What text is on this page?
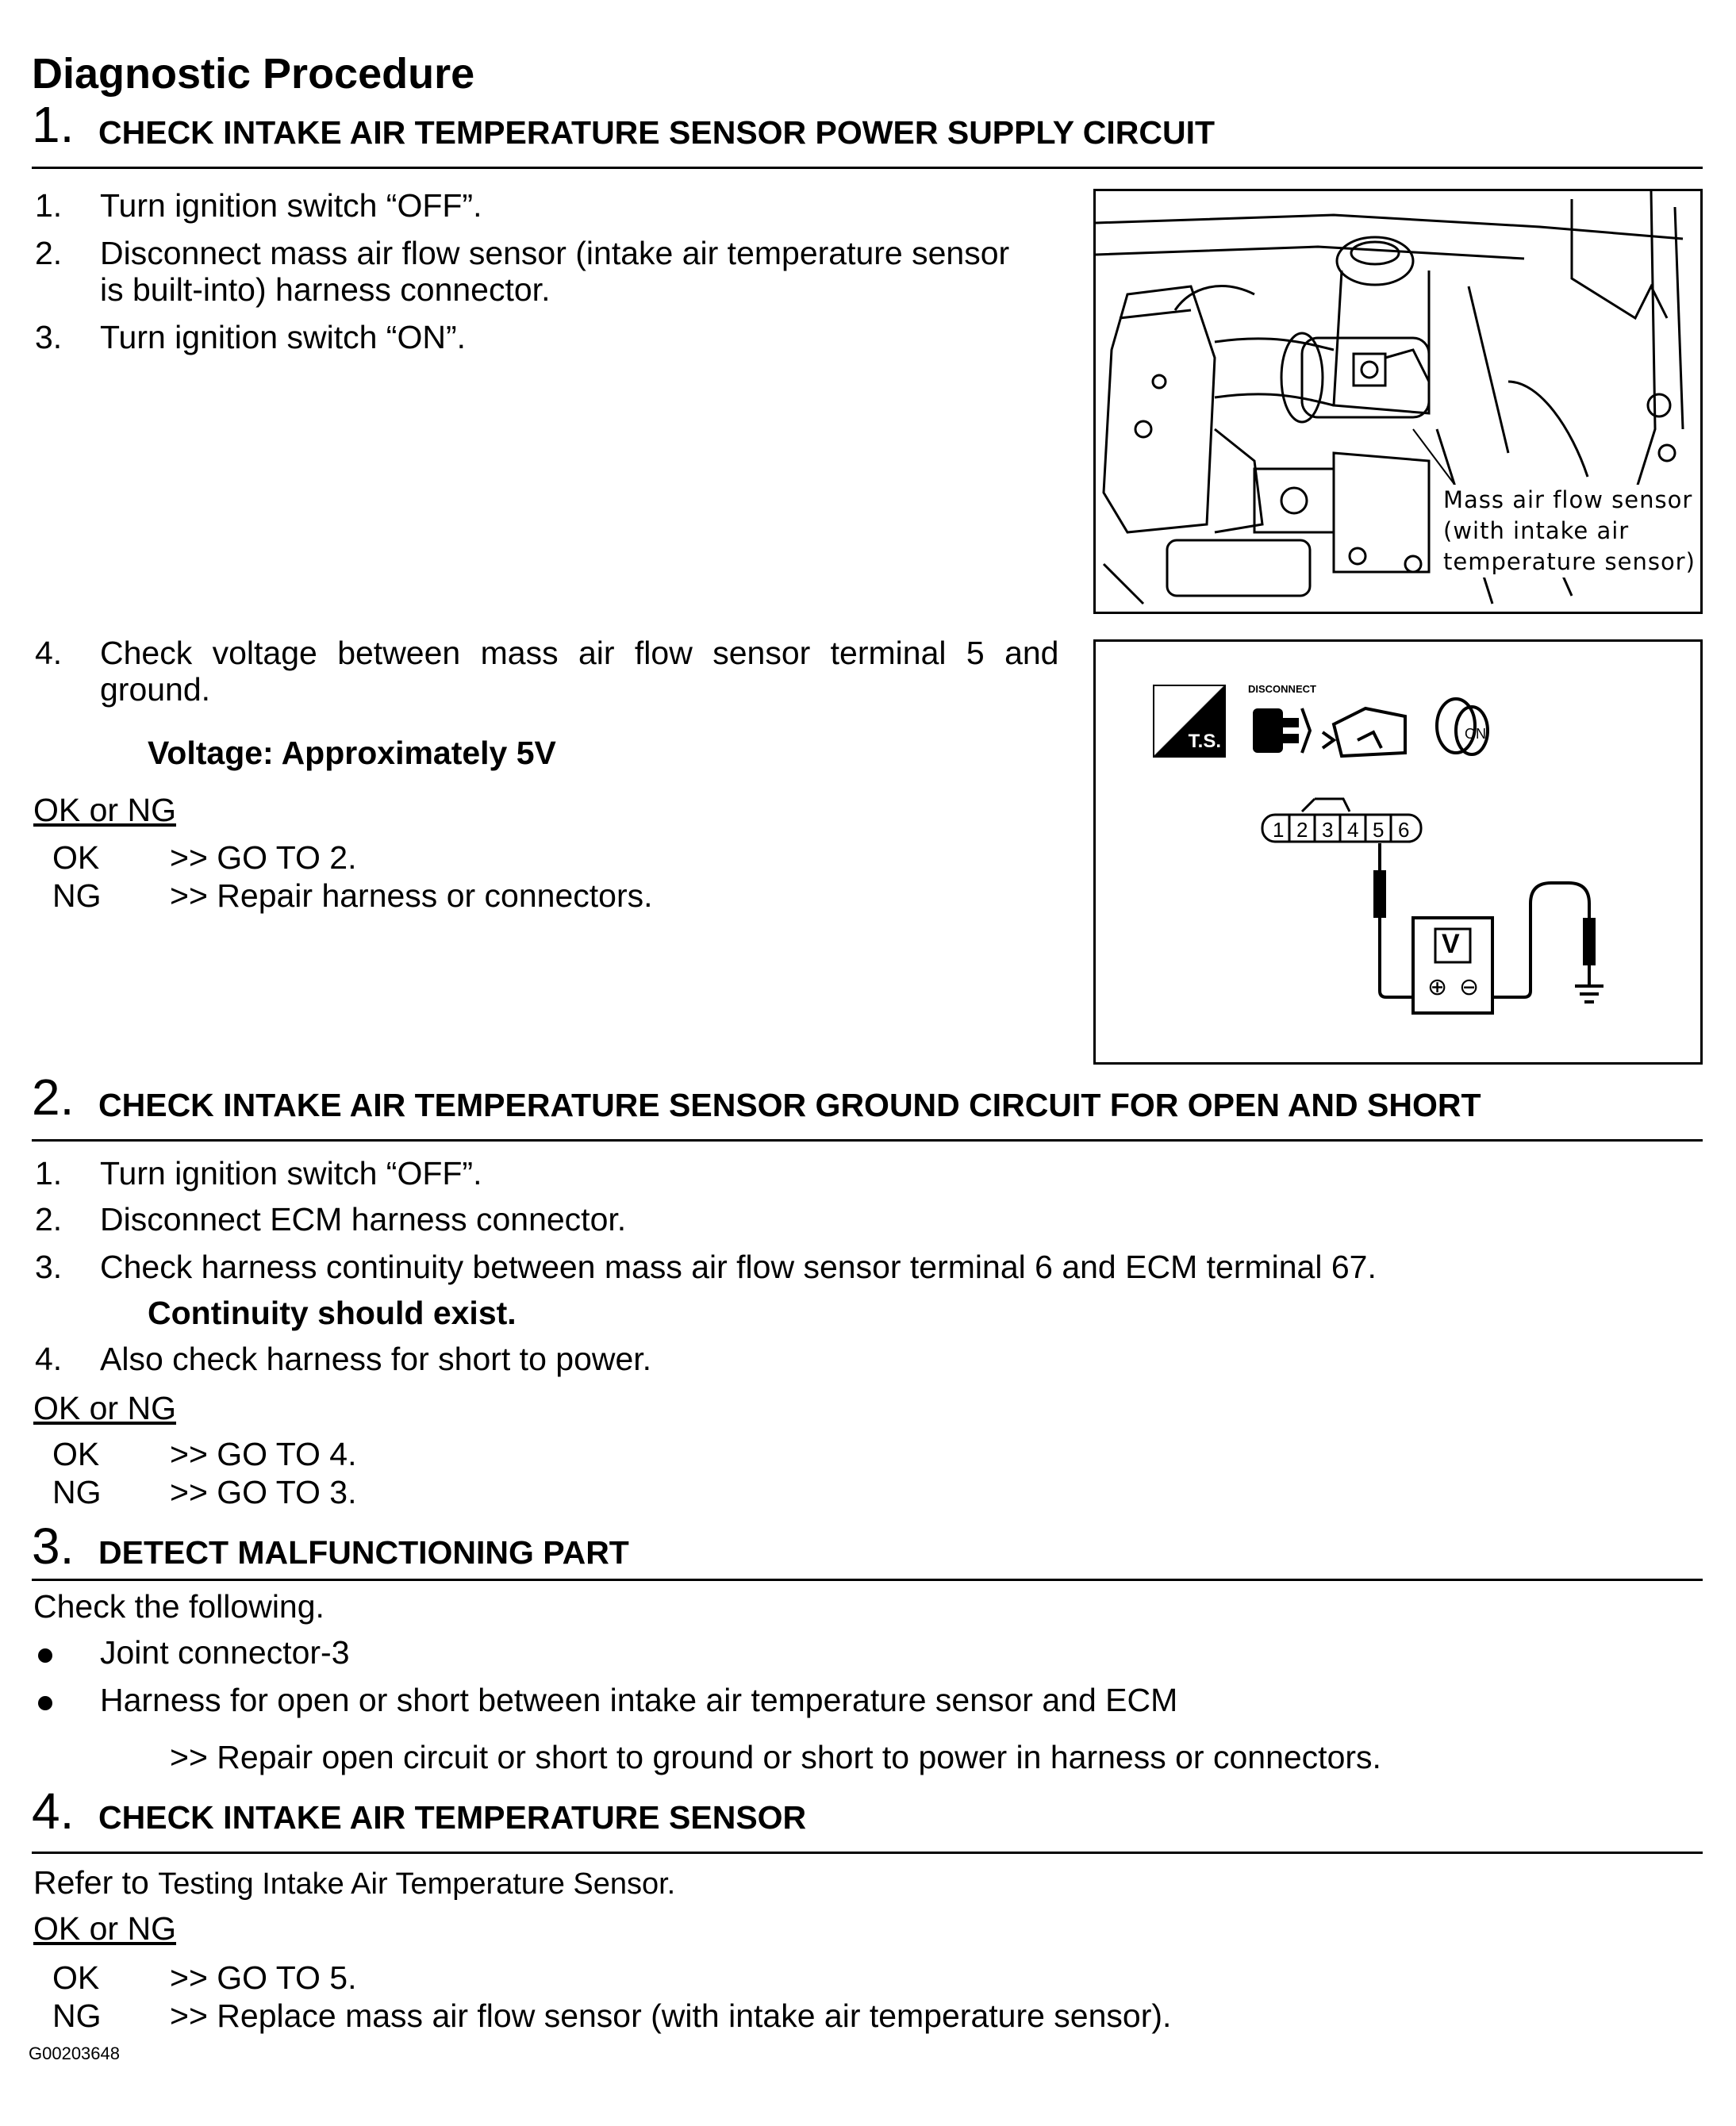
Diagnostic Procedure
1. CHECK INTAKE AIR TEMPERATURE SENSOR POWER SUPPLY CIRCUIT
1. Turn ignition switch “OFF”.
2. Disconnect mass air flow sensor (intake air temperature sensor
is built-into) harness connector.
3. Turn ignition switch “ON”.
Mass air flow sensor
(with intake air
temperature sensor)
4. Check voltage between mass air flow sensor terminal 5 and
ground.
Voltage: Approximately 5V
OK or NG
OK >> GO TO 2.
NG >> Repair harness or connectors.
T.S.
DISCONNECT
ON
1 2 3 4 5 6
V
⊕ ⊖
2. CHECK INTAKE AIR TEMPERATURE SENSOR GROUND CIRCUIT FOR OPEN AND SHORT
1. Turn ignition switch “OFF”.
2. Disconnect ECM harness connector.
3. Check harness continuity between mass air flow sensor terminal 6 and ECM terminal 67.
Continuity should exist.
4. Also check harness for short to power.
OK or NG
OK >> GO TO 4.
NG >> GO TO 3.
3. DETECT MALFUNCTIONING PART
Check the following.
Joint connector-3
Harness for open or short between intake air temperature sensor and ECM
>> Repair open circuit or short to ground or short to power in harness or connectors.
4. CHECK INTAKE AIR TEMPERATURE SENSOR
Refer to Testing Intake Air Temperature Sensor.
OK or NG
OK >> GO TO 5.
NG >> Replace mass air flow sensor (with intake air temperature sensor).
G00203648
